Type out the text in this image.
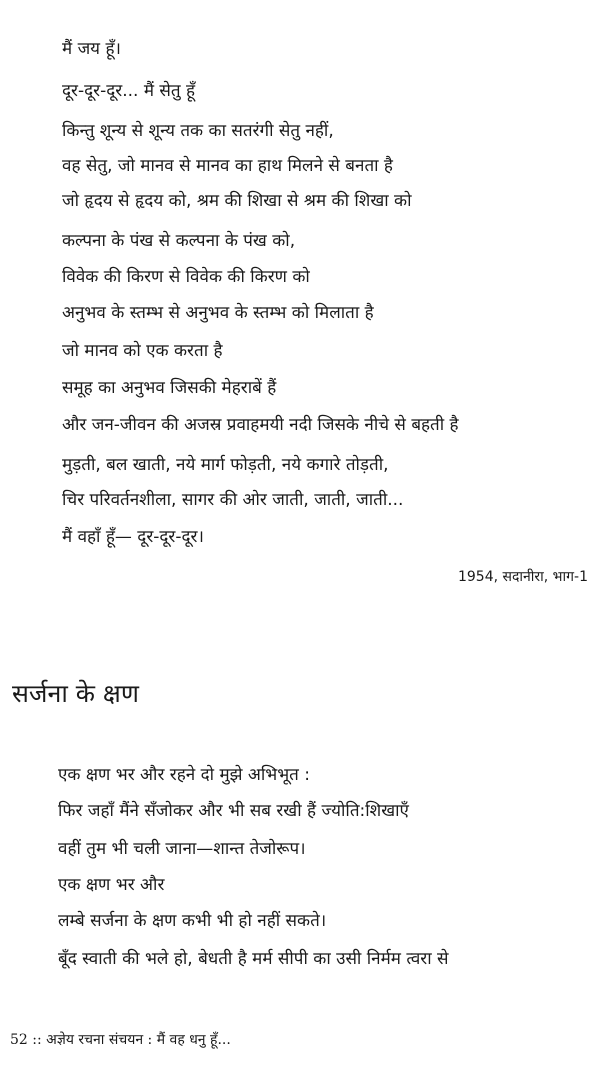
मैं जय हूँ।
दूर-दूर-दूर... मैं सेतु हूँ
किन्तु शून्य से शून्य तक का सतरंगी सेतु नहीं,
वह सेतु, जो मानव से मानव का हाथ मिलने से बनता है
जो हृदय से हृदय को, श्रम की शिखा से श्रम की शिखा को
कल्पना के पंख से कल्पना के पंख को,
विवेक की किरण से विवेक की किरण को
अनुभव के स्तम्भ से अनुभव के स्तम्भ को मिलाता है
जो मानव को एक करता है
समूह का अनुभव जिसकी मेहराबें हैं
और जन-जीवन की अजस्र प्रवाहमयी नदी जिसके नीचे से बहती है
मुड़ती, बल खाती, नये मार्ग फोड़ती, नये कगारे तोड़ती,
चिर परिवर्तनशीला, सागर की ओर जाती, जाती, जाती...
मैं वहाँ हूँ— दूर-दूर-दूर।
1954, सदानीरा, भाग-1
सर्जना के क्षण
एक क्षण भर और रहने दो मुझे अभिभूत :
फिर जहाँ मैंने सँजोकर और भी सब रखी हैं ज्योति:शिखाएँ
वहीं तुम भी चली जाना—शान्त तेजोरूप।
एक क्षण भर और
लम्बे सर्जना के क्षण कभी भी हो नहीं सकते।
बूँद स्वाती की भले हो, बेधती है मर्म सीपी का उसी निर्मम त्वरा से
52 :: अज्ञेय रचना संचयन : मैं वह धनु हूँ...
